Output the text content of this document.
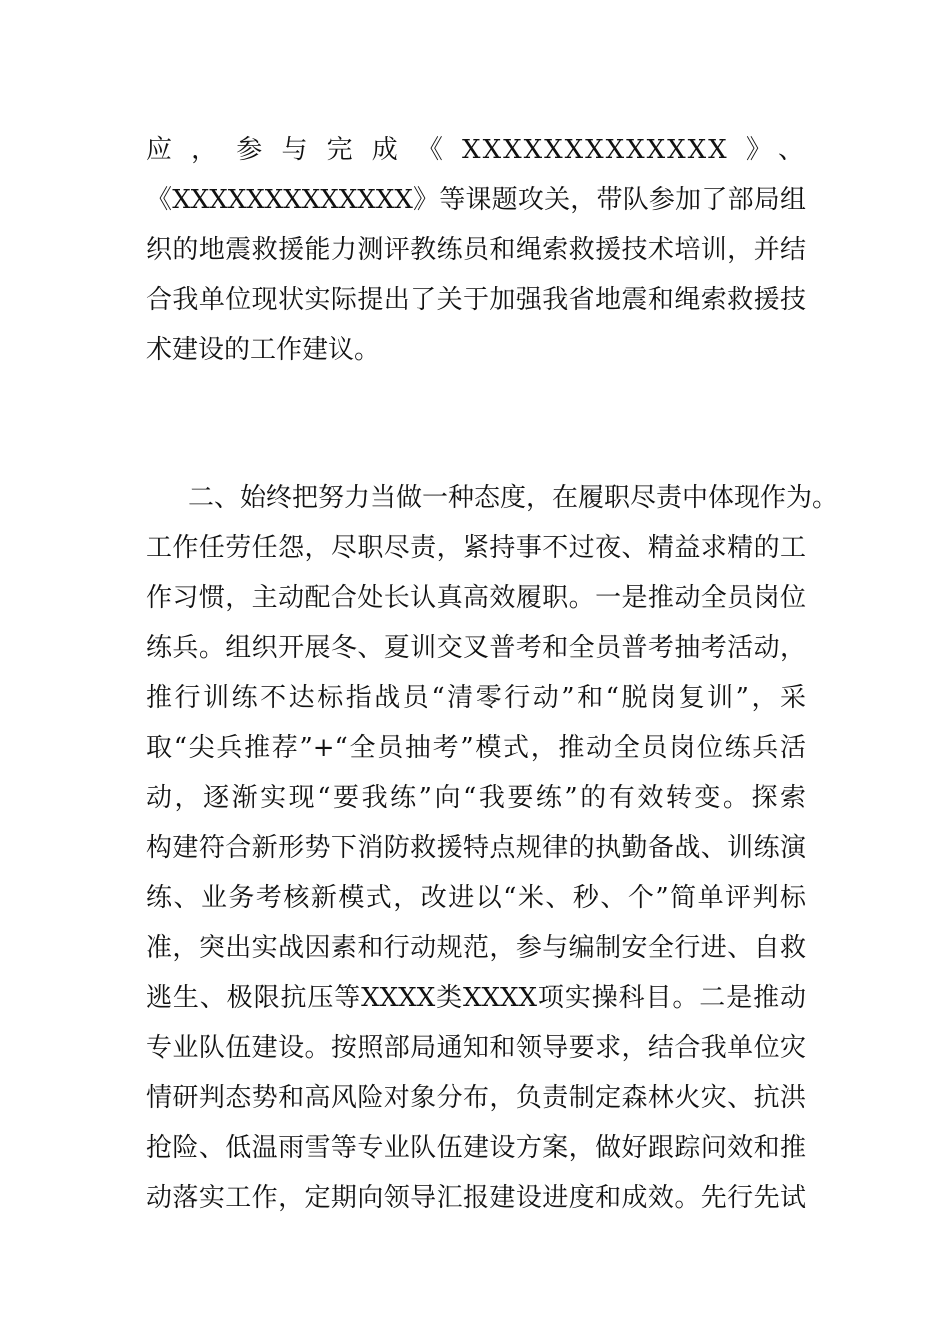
应，参与完成《XXXXXXXXXXXXX》、
《XXXXXXXXXXXXX》等课题攻关，带队参加了部局组
织的地震救援能力测评教练员和绳索救援技术培训，并结
合我单位现状实际提出了关于加强我省地震和绳索救援技
术建设的工作建议。
二、始终把努力当做一种态度，在履职尽责中体现作为。
工作任劳任怨，尽职尽责，紧持事不过夜、精益求精的工
作习惯，主动配合处长认真高效履职。一是推动全员岗位
练兵。组织开展冬、夏训交叉普考和全员普考抽考活动，
推行训练不达标指战员“清零行动”和“脱岗复训”，采
取“尖兵推荐”+“全员抽考”模式，推动全员岗位练兵活
动，逐渐实现“要我练”向“我要练”的有效转变。探索
构建符合新形势下消防救援特点规律的执勤备战、训练演
练、业务考核新模式，改进以“米、秒、个”简单评判标
准，突出实战因素和行动规范，参与编制安全行进、自救
逃生、极限抗压等XXXX类XXXX项实操科目。二是推动
专业队伍建设。按照部局通知和领导要求，结合我单位灾
情研判态势和高风险对象分布，负责制定森林火灾、抗洪
抢险、低温雨雪等专业队伍建设方案，做好跟踪问效和推
动落实工作，定期向领导汇报建设进度和成效。先行先试
